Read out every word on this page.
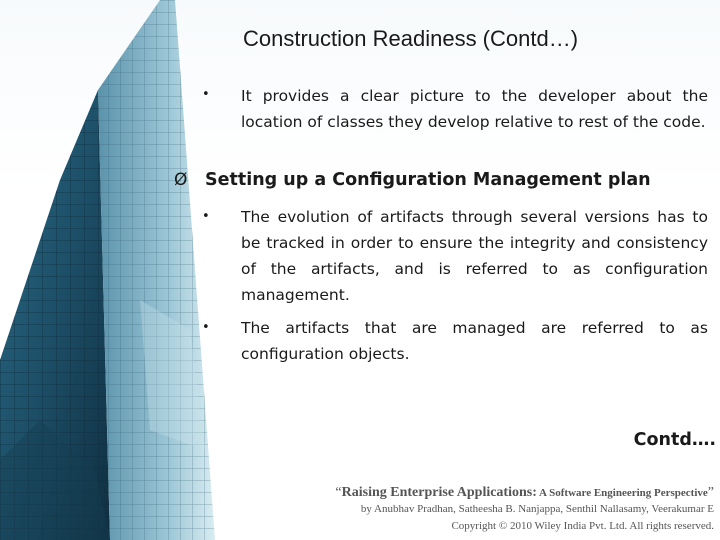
Construction Readiness (Contd…)
• It provides a clear picture to the developer about the location of classes they develop relative to rest of the code.
Ø Setting up a Configuration Management plan
• The evolution of artifacts through several versions has to be tracked in order to ensure the integrity and consistency of the artifacts, and is referred to as configuration management.
• The artifacts that are managed are referred to as configuration objects.
Contd….
“Raising Enterprise Applications: A Software Engineering Perspective”
by Anubhav Pradhan, Satheesha B. Nanjappa, Senthil Nallasamy, Veerakumar E
Copyright © 2010 Wiley India Pvt. Ltd. All rights reserved.
